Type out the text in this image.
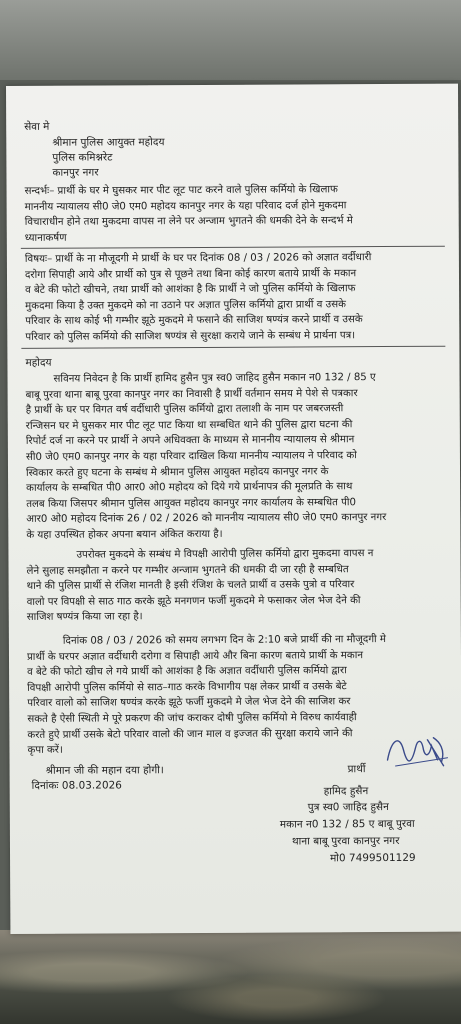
सेवा मे
श्रीमान पुलिस आयुक्त महोदय
पुलिस कमिश्नरेट
कानपुर नगर
सन्दर्भः– प्रार्थी के घर मे घुसकर मार पीट लूट पाट करने वाले पुलिस कर्मियो के खिलाफ
माननीय न्यायालय सी0 जे0 एम0 महोदय कानपुर नगर के यहा परिवाद दर्ज होने मुकदमा
विचाराधीन होने तथा मुकदमा वापस ना लेने पर अन्जाम भुगतने की धमकी देने के सन्दर्भ मे
ध्यानाकर्षण
विषयः– प्रार्थी के ना मौजूदगी मे प्रार्थी के घर पर दिनांक 08 / 03 / 2026 को अज्ञात वर्दीधारी
दरोगा सिपाही आये और प्रार्थी को पुत्र से पूछने तथा बिना कोई कारण बताये प्रार्थी के मकान
व बेटे की फोटो खीचने, तथा प्रार्थी को आशंका है कि प्रार्थी ने जो पुलिस कर्मियो के खिलाफ
मुकदमा किया है उक्त मुकदमे को ना उठाने पर अज्ञात पुलिस कर्मियो द्वारा प्रार्थी व उसके
परिवार के साथ कोई भी गम्भीर झूठे मुकदमे मे फसाने की साजिश षण्यंत्र करने प्रार्थी व उसके
परिवार को पुलिस कर्मियो की साजिश षण्यंत्र से सुरक्षा कराये जाने के सम्बंध मे प्रार्थना पत्र।
महोदय
सविनय निवेदन है कि प्रार्थी हामिद हुसैन पुत्र स्व0 जाहिद हुसैन मकान न0 132 / 85 ए
बाबू पुरवा थाना बाबू पुरवा कानपुर नगर का निवासी है प्रार्थी वर्तमान समय मे पेशे से पत्रकार
है प्रार्थी के घर पर विगत वर्ष वर्दीधारी पुलिस कर्मियो द्वारा तलाशी के नाम पर जबरजस्ती
रन्जिसन घर मे घुसकर मार पीट लूट पाट किया था सम्बधित थाने की पुलिस द्वारा घटना की
रिपोर्ट दर्ज ना करने पर प्रार्थी ने अपने अधिवक्ता के माध्यम से माननीय न्यायालय से श्रीमान
सी0 जे0 एम0 कानपुर नगर के यहा परिवार दाखिल किया माननीय न्यायालय ने परिवाद को
स्विकार करते हुए घटना के सम्बंध मे श्रीमान पुलिस आयुक्त महोदय कानपुर नगर के
कार्यालय के सम्बधित पी0 आर0 ओ0 महोदय को दिये गये प्रार्थनापत्र की मूलप्रति के साथ
तलब किया जिसपर श्रीमान पुलिस आयुक्त महोदय कानपुर नगर कार्यालय के सम्बधित पी0
आर0 ओ0 महोदय दिनांक 26 / 02 / 2026 को माननीय न्यायालय सी0 जे0 एम0 कानपुर नगर
के यहा उपस्थित होकर अपना बयान अंकित कराया है।
उपरोक्त मुकदमे के सम्बंध मे विपक्षी आरोपी पुलिस कर्मियो द्वारा मुकदमा वापस न
लेने सुलाह समझौता न करने पर गम्भीर अन्जाम भुगतने की धमकी दी जा रही है सम्बधित
थाने की पुलिस प्रार्थी से रंजिश मानती है इसी रंजिश के चलते प्रार्थी व उसके पुत्रो व परिवार
वालो पर विपक्षी से साठ गाठ करके झूठे मनगणन फर्जी मुकदमे मे फसाकर जेल भेज देने की
साजिश षण्यंत्र किया जा रहा है।
दिनांक 08 / 03 / 2026 को समय लगभग दिन के 2:10 बजे प्रार्थी की ना मौजूदगी मे
प्रार्थी के घरपर अज्ञात वर्दीधारी दरोगा व सिपाही आये और बिना कारण बताये प्रार्थी के मकान
व बेटे की फोटो खीच ले गये प्रार्थी को आशंका है कि अज्ञात वर्दीधारी पुलिस कर्मियो द्वारा
विपक्षी आरोपी पुलिस कर्मियो से साठ–गाठ करके विभागीय पक्ष लेकर प्रार्थी व उसके बेटे
परिवार वालो को साजिश षण्यंत्र करके झूठे फर्जी मुकदमे मे जेल भेज देने की साजिश कर
सकते है ऐसी स्थिती मे पूरे प्रकरण की जांच कराकर दोषी पुलिस कर्मियो मे विरुध कार्यवाही
करते हुऐ प्रार्थी उसके बेटो परिवार वालो की जान माल व इज्जत की सुरक्षा कराये जाने की
कृपा करें।
श्रीमान जी की महान दया होगी।
दिनांकः 08.03.2026
प्रार्थी
हामिद हुसैन
पुत्र स्व0 जाहिद हुसैन
मकान न0 132 / 85 ए बाबू पुरवा
थाना बाबू पुरवा कानपुर नगर
मो0 7499501129
